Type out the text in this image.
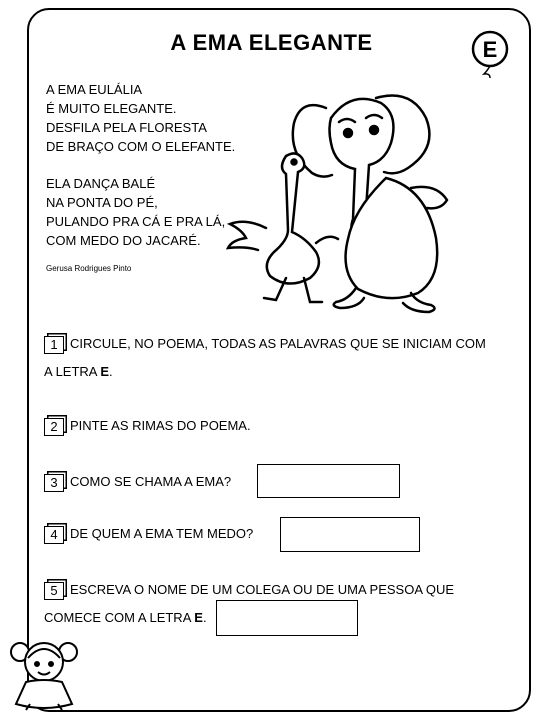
A EMA ELEGANTE	E
A EMA EULÁLIA
É MUITO ELEGANTE.
DESFILA PELA FLORESTA
DE BRAÇO COM O ELEFANTE.
ELA DANÇA BALÉ
NA PONTA DO PÉ,
PULANDO PRA CÁ E PRA LÁ,
COM MEDO DO JACARÉ.
Gerusa Rodrigues Pinto
1 CIRCULE, NO POEMA, TODAS AS PALAVRAS QUE SE INICIAM COM
A LETRA E.
2 PINTE AS RIMAS DO POEMA.
3 COMO SE CHAMA A EMA?
4 DE QUEM A EMA TEM MEDO?
5 ESCREVA O NOME DE UM COLEGA OU DE UMA PESSOA QUE
COMECE COM A LETRA E.
